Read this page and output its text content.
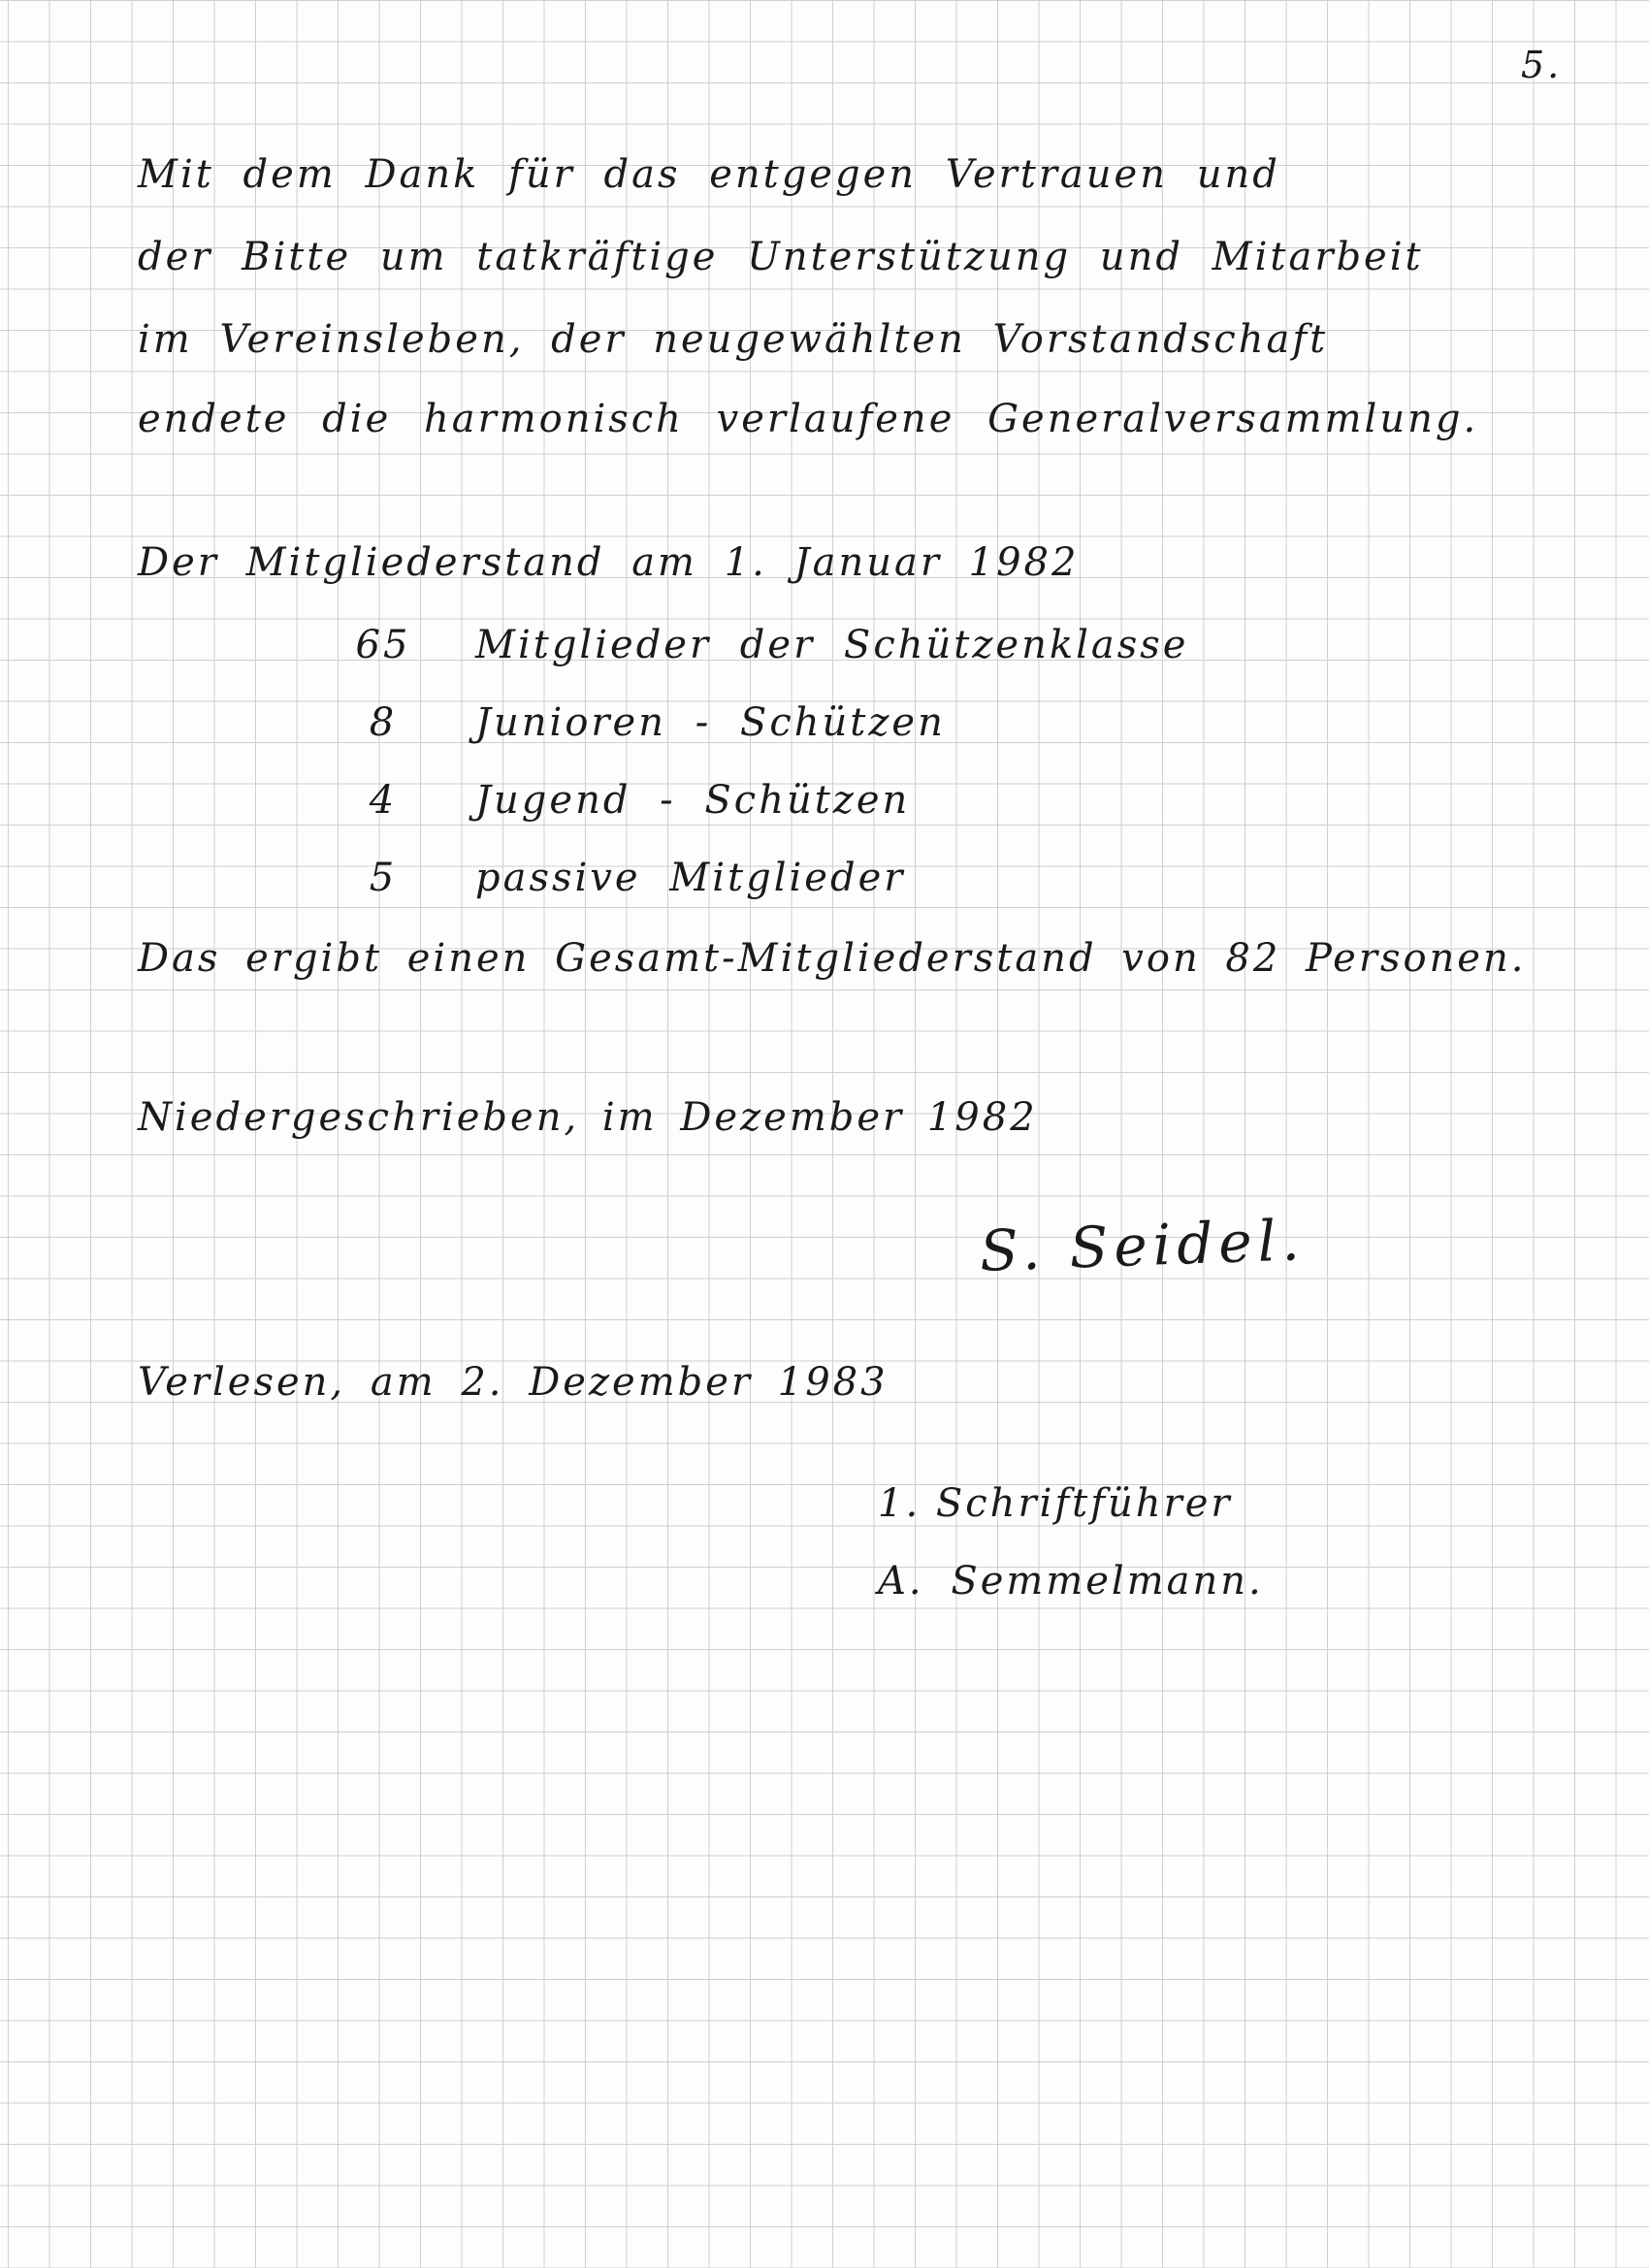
5.
Mit dem Dank für das entgegen Vertrauen und
der Bitte um tatkräftige Unterstützung und Mitarbeit
im Vereinsleben, der neugewählten Vorstandschaft
endete die harmonisch verlaufene Generalversammlung.
Der Mitgliederstand am 1. Januar 1982
65	Mitglieder der Schützenklasse
8	Junioren - Schützen
4	Jugend - Schützen
5	passive Mitglieder
Das ergibt einen Gesamt-Mitgliederstand von 82 Personen.
Niedergeschrieben, im Dezember 1982
S. Seidel.
Verlesen, am 2. Dezember 1983
1. Schriftführer
A. Semmelmann.
